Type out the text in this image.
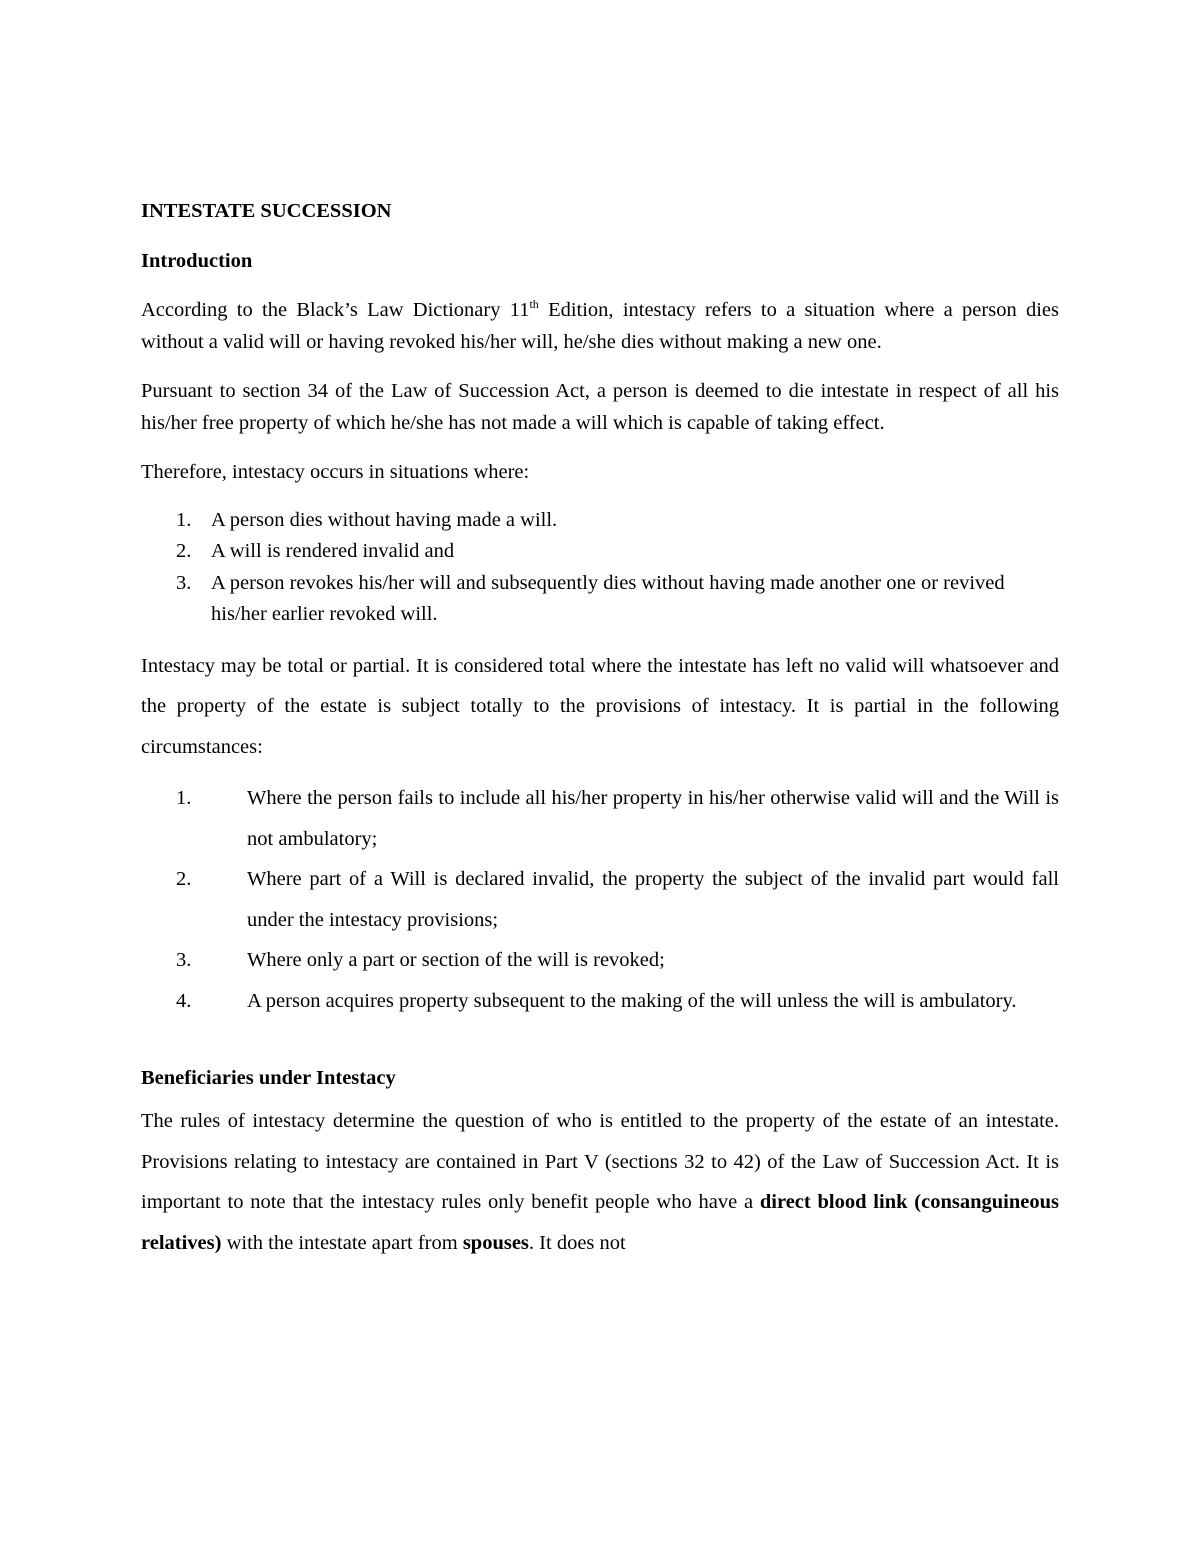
INTESTATE SUCCESSION
Introduction

According to the Black’s Law Dictionary 11th Edition, intestacy refers to a situation where a person dies without a valid will or having revoked his/her will, he/she dies without making a new one.

Pursuant to section 34 of the Law of Succession Act, a person is deemed to die intestate in respect of all his his/her free property of which he/she has not made a will which is capable of taking effect.

Therefore, intestacy occurs in situations where:

1. A person dies without having made a will.
2. A will is rendered invalid and
3. A person revokes his/her will and subsequently dies without having made another one or revived his/her earlier revoked will.

Intestacy may be total or partial. It is considered total where the intestate has left no valid will whatsoever and the property of the estate is subject totally to the provisions of intestacy. It is partial in the following circumstances:

1.	Where the person fails to include all his/her property in his/her otherwise valid will and the Will is not ambulatory;
2.	Where part of a Will is declared invalid, the property the subject of the invalid part would fall under the intestacy provisions;
3.	Where only a part or section of the will is revoked;
4.	A person acquires property subsequent to the making of the will unless the will is ambulatory.
Beneficiaries under Intestacy

The rules of intestacy determine the question of who is entitled to the property of the estate of an intestate. Provisions relating to intestacy are contained in Part V (sections 32 to 42) of the Law of Succession Act. It is important to note that the intestacy rules only benefit people who have a direct blood link (consanguineous relatives) with the intestate apart from spouses. It does not
